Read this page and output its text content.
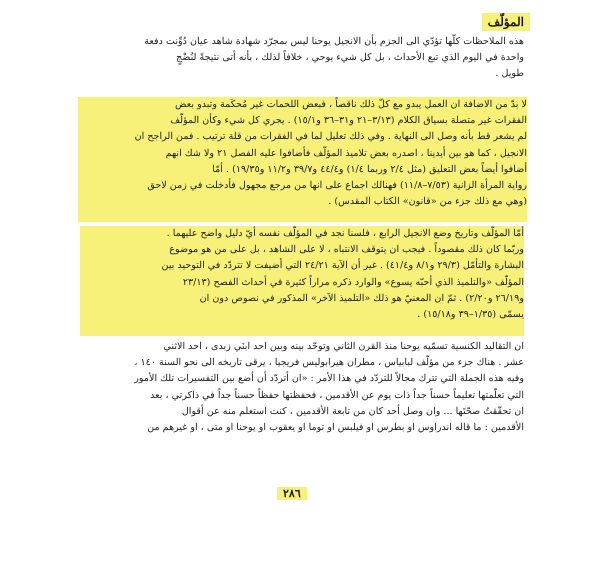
المؤلّف
هذه الملاحظات كلّها تؤدّي الى الجزم بأن الانجيل يوحنا ليس بمجرّد شهادة شاهد عيان دُوِّنت دفعة
واحدة في اليوم الذي تبع الأحداث ، بل كل شيء يوحي ، خلافاً لذلك ، بأنه أتى نتيجةً لنُضْجٍ
طويل .
لا بدّ من الاضافة ان العمل يبدو مع كلّ ذلك ناقصاً ، فبعض اللحمات غير مُحكَمة وتبدو بعض
الفقرات غير متصلة بسياق الكلام (٣/١٣–٢١ و٣١–٣٦ و١٥/١) . يجري كل شيء وكأن المؤلّف
لم يشعر قط بأنه وصل الى النهاية . وفي ذلك تعليل لما في الفقرات من قلة ترتيب . فمن الراجح ان
الانجيل ، كما هو بين أيدينا ، اصدره بعض تلاميذ المؤلّف فأضافوا عليه الفصل ٢١ ولا شك انهم
أضافوا أيضاً بعض التعليق (مثل ٢/٤ وربما ١/٤) و٤٤/٤ و٣٩/٧ و١١/٢ و١٩/٣٥) . أمّا
رواية المرأة الزانية (٧/٥٣–١١/٨) فهنالك اجماع على انها من مرجع مجهول فأُدخلت في زمن لاحق
(وهي مع ذلك جزء من «قانون» الكتاب المقدس) .
أمّا المؤلّف وتاريخ وضع الانجيل الرابع ، فلسنا نجد في المؤلّف نفسه أيّ دليل واضح عليهما .
وربّما كان ذلك مقصوداً . فيجب ان يتوقف الانتباه ، لا على الشاهد ، بل على من هو موضوع
البشارة والتأمّل (٢٩/٣ و٨/١ و٤١/٤) . غير أن الآية ٢٤/٢١ التي أُضيفت لا تتردّد في التوحيد بين
المؤلّف «والتلميذ الذي أحبّه يسوع» والوارد ذكره مراراً كثيرة في أحداث الفصح (٢٣/١٣
و٢٦/١٩ و٢/٢٠) . ثمّ ان المعنيّ هو ذلك «التلميذ الآخر» المذكور في نصوص دون ان
يسمّى (١/٣٥–٣٩ و١٥/١٨) .
ان التقاليد الكنسية تسمّيه يوحنا منذ القرن الثاني وتوحّد بينه وبين احد ابنَي زبدى ، احد الاثني
عشر . هناك جزء من مؤلّف لبابياس ، مطران هيرابوليس فريجيا ، يرقى تاريخه الى نحو السنة ١٤٠ ،
وفيه هذه الجملة التي تترك مجالاً للتردّد في هذا الأمر : «ان أتردّد أن أضع بين التفسيرات تلك الأمور
التي تعلّمتها تعليماً حسناً جداً ذات يوم عن الأقدمين ، فحفظتها حفظاً حسناً جداً في ذاكرتي ، بعد
ان تحقّقتُ صحّتَها ... وان وصل أحد كان من تابعة الأقدمين ، كنت استعلم منه عن أقوال
الأقدمين : ما قاله اندراوس او بطرس او فيلبس او توما او يعقوب او يوحنا او متى ، او غيرهم من
٢٨٦
